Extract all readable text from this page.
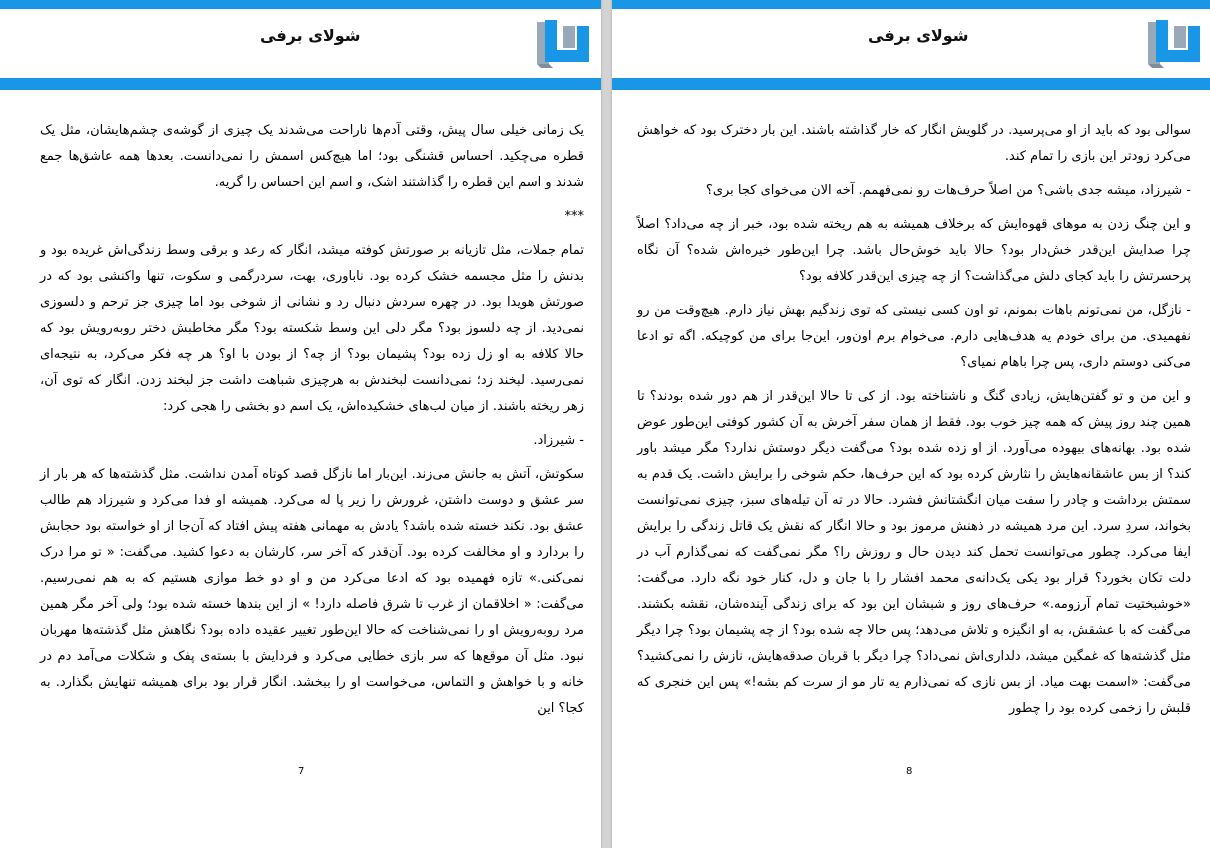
شولای برفی

یک زمانی خیلی سال پیش، وقتی آدم‌ها ناراحت می‌شدند یک چیزی از گوشه‌ی چشم‌هایشان، مثل یک قطره می‌چکید. احساس قشنگی بود؛ اما هیچ‌کس اسمش را نمی‌دانست. بعدها همه عاشق‌ها جمع شدند و اسم این قطره را گذاشتند اشک، و اسم این احساس را گریه.

***

تمام جملات، مثل تازیانه بر صورتش کوفته میشد، انگار که رعد و برقی وسط زندگی‌اش غریده بود و بدنش را مثل مجسمه خشک کرده بود. ناباوری، بهت، سردرگمی و سکوت، تنها واکنشی بود که در صورتش هویدا بود. در چهره سردش دنبال رد و نشانی از شوخی بود اما چیزی جز ترحم و دلسوزی نمی‌دید. از چه دلسوز بود؟ مگر دلی این وسط شکسته بود؟ مگر مخاطبش دختر روبه‌رویش بود که حالا کلافه به او زل زده بود؟ پشیمان بود؟ از چه؟ از بودن با او؟ هر چه فکر می‌کرد، به نتیجه‌ای نمی‌رسید. لبخند زد؛ نمی‌دانست لبخندش به هرچیزی شباهت داشت جز لبخند زدن. انگار که توی آن، زهر ریخته باشند. از میان لب‌های خشکیده‌اش، یک اسم دو بخشی را هجی کرد:

- شیرزاد.

سکوتش، آتش به جانش می‌زند. این‌بار اما نازگل قصد کوتاه آمدن نداشت. مثل گذشته‌ها که هر بار از سر عشق و دوست داشتن، غرورش را زیر پا له می‌کرد. همیشه او فدا می‌کرد و شیرزاد هم طالب عشق بود. نکند خسته شده باشد؟ یادش به مهمانی هفته پیش افتاد که آن‌جا از او خواسته بود حجابش را بردارد و او مخالفت کرده بود. آن‌قدر که آخر سر، کارشان به دعوا کشید. می‌گفت: « تو مرا درک نمی‌کنی.» تازه فهمیده بود که ادعا می‌کرد من و او دو خط موازی هستیم که به هم نمی‌رسیم. می‌گفت: « اخلاقمان از غرب تا شرق فاصله دارد! » از این بندها خسته شده بود؛ ولی آخر مگر همین مرد روبه‌رویش او را نمی‌شناخت که حالا این‌طور تغییر عقیده داده بود؟ نگاهش مثل گذشته‌ها مهربان نبود. مثل آن موقع‌ها که سر بازی خطایی می‌کرد و فردایش با بسته‌ی پفک و شکلات می‌آمد دم در خانه و با خواهش و التماس، می‌خواست او را ببخشد. انگار قرار بود برای همیشه تنهایش بگذارد. به کجا؟ این

7
شولای برفی

سوالی بود که باید از او می‌پرسید. در گلویش انگار که خار گذاشته باشند. این بار دخترک بود که خواهش می‌کرد زودتر این بازی را تمام کند.

- شیرزاد، میشه جدی باشی؟ من اصلاً حرف‌هات رو نمی‌فهمم. آخه الان می‌خوای کجا بری؟

و این چنگ زدن به موهای قهوه‌ایش که برخلاف همیشه به هم ریخته شده بود، خبر از چه می‌داد؟ اصلاً چرا صدایش این‌قدر خش‌دار بود؟ حالا باید خوش‌حال باشد. چرا این‌طور خیره‌اش شده؟ آن نگاه پرحسرتش را باید کجای دلش می‌گذاشت؟ از چه چیزی این‌قدر کلافه بود؟

- نازگل، من نمی‌تونم باهات بمونم، تو اون کسی نیستی که توی زندگیم بهش نیاز دارم. هیچ‌وقت من رو نفهمیدی. من برای خودم یه هدف‌هایی دارم. می‌خوام برم اون‌ور، این‌جا برای من کوچیکه. اگه تو ادعا می‌کنی دوستم داری، پس چرا باهام نمیای؟

و این من و تو گفتن‌هایش، زیادی گنگ و ناشناخته بود. از کی تا حالا این‌قدر از هم دور شده بودند؟ تا همین چند روز پیش که همه چیز خوب بود. فقط از همان سفر آخرش به آن کشور کوفتی این‌طور عوض شده بود. بهانه‌های بیهوده می‌آورد. از او زده شده بود؟ می‌گفت دیگر دوستش ندارد؟ مگر میشد باور کند؟ از بس عاشقانه‌هایش را نثارش کرده بود که این حرف‌ها، حکم شوخی را برایش داشت. یک قدم به سمتش برداشت و چادر را سفت میان انگشتانش فشرد. حالا در ته آن تیله‌های سبز، چیزی نمی‌توانست بخواند، سردِ سرد. این مرد همیشه در ذهنش مرموز بود و حالا انگار که نقش یک قاتل زندگی را برایش ایفا می‌کرد. چطور می‌توانست تحمل کند دیدن حال و روزش را؟ مگر نمی‌گفت که نمی‌گذارم آب در دلت تکان بخورد؟ قرار بود یکی یک‌دانه‌ی محمد افشار را با جان و دل، کنار خود نگه دارد. می‌گفت: «خوشبختیت تمام آرزومه.» حرف‌های روز و شبشان این بود که برای زندگی آینده‌شان، نقشه بکشند. می‌گفت که با عشقش، به او انگیزه و تلاش می‌دهد؛ پس حالا چه شده بود؟ از چه پشیمان بود؟ چرا دیگر مثل گذشته‌ها که غمگین میشد، دلداری‌اش نمی‌داد؟ چرا دیگر با قربان صدقه‌هایش، نازش را نمی‌کشید؟ می‌گفت: «اسمت بهت میاد. از بس نازی که نمی‌ذارم یه تار مو از سرت کم بشه!» پس این خنجری که قلبش را زخمی کرده بود را چطور

8
